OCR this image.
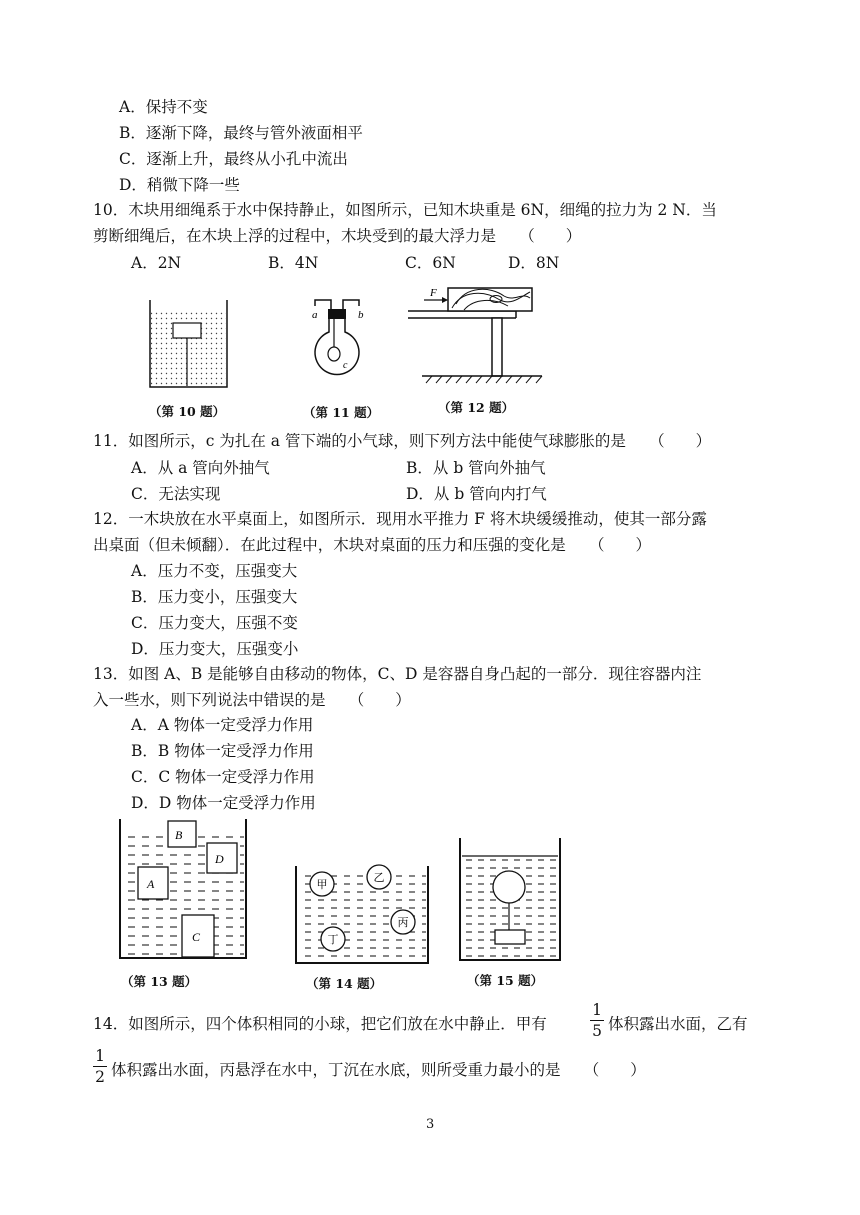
A．保持不变
B．逐渐下降，最终与管外液面相平
C．逐渐上升，最终从小孔中流出
D．稍微下降一些
10．木块用细绳系于水中保持静止，如图所示，已知木块重是 6N，细绳的拉力为 2 N．当
剪断细绳后，在木块上浮的过程中，木块受到的最大浮力是　　（　　）
A．2N	B．4N	C．6N	D．8N
（第 10 题）
a	b
c
（第 11 题）
F
（第 12 题）
11．如图所示，c 为扎在 a 管下端的小气球，则下列方法中能使气球膨胀的是　　（　　）
A．从 a 管向外抽气	B．从 b 管向外抽气
C．无法实现	D．从 b 管向内打气
12．一木块放在水平桌面上，如图所示．现用水平推力 F 将木块缓缓推动，使其一部分露
出桌面（但未倾翻）．在此过程中，木块对桌面的压力和压强的变化是　　（　　）
A．压力不变，压强变大
B．压力变小，压强变大
C．压力变大，压强不变
D．压力变大，压强变小
13．如图 A、B 是能够自由移动的物体，C、D 是容器自身凸起的一部分．现往容器内注
入一些水，则下列说法中错误的是　　（　　）
A．A 物体一定受浮力作用
B．B 物体一定受浮力作用
C．C 物体一定受浮力作用
D．D 物体一定受浮力作用
B
D
A
C
（第 13 题）
甲
乙
丙
丁
（第 14 题）	（第 15 题）
14．如图所示，四个体积相同的小球，把它们放在水中静止．甲有
1
5 体积露出水面，乙有
1
2 体积露出水面，丙悬浮在水中，丁沉在水底，则所受重力最小的是　　（　　）
3
